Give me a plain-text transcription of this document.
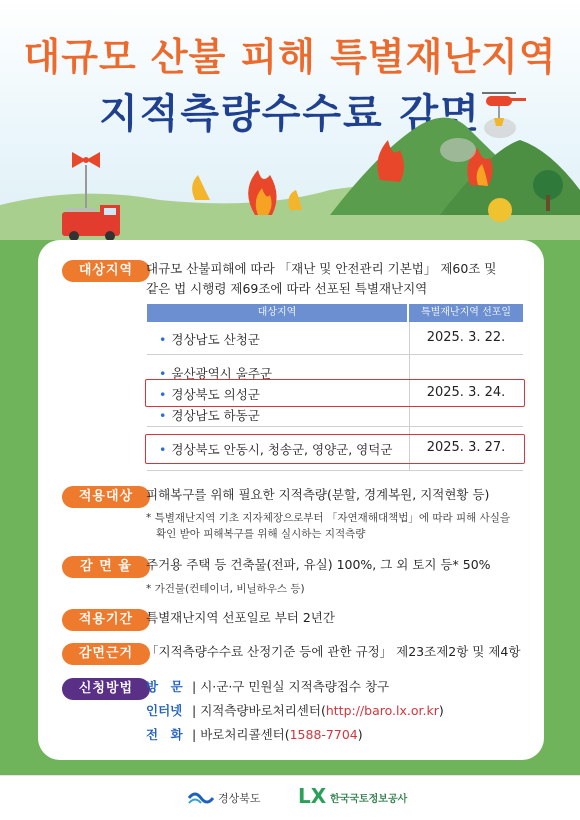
대규모 산불 피해 특별재난지역
지적측량수수료 감면
대상지역	대규모 산불피해에 따라 「재난 및 안전관리 기본법」 제60조 및
같은 법 시행령 제69조에 따라 선포된 특별재난지역
대상지역	특별재난지역 선포일
• 경상남도 산청군	2025. 3. 22.
• 울산광역시 울주군
• 경상북도 의성군	2025. 3. 24.
• 경상남도 하동군
• 경상북도 안동시, 청송군, 영양군, 영덕군	2025. 3. 27.
적용대상	피해복구를 위해 필요한 지적측량(분할, 경계복원, 지적현황 등)
* 특별재난지역 기초 지자체장으로부터 「자연재해대책법」에 따라 피해 사실을
확인 받아 피해복구를 위해 실시하는 지적측량
감 면 율	주거용 주택 등 건축물(전파, 유실) 100%, 그 외 토지 등* 50%
* 가건물(컨테이너, 비닐하우스 등)
적용기간	특별재난지역 선포일로 부터 2년간
감면근거	「지적측량수수료 산정기준 등에 관한 규정」 제23조제2항 및 제4항
신청방법	방　문 | 시·군·구 민원실 지적측량접수 창구
인터넷 | 지적측량바로처리센터(http://baro.lx.or.kr)
전　화 | 바로처리콜센터(1588-7704)
경상북도 LX 한국국토정보공사
